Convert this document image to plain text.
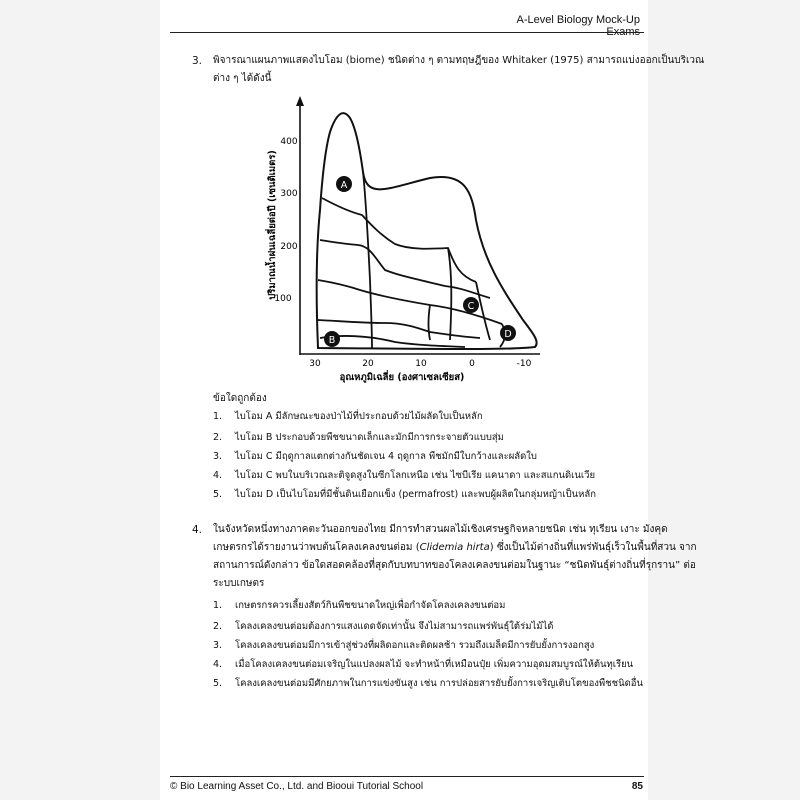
A-Level Biology Mock-Up Exams
3. พิจารณาแผนภาพแสดงไบโอม (biome) ชนิดต่าง ๆ ตามทฤษฎีของ Whitaker (1975) สามารถแบ่งออกเป็นบริเวณ
ต่าง ๆ ได้ดังนี้
100
200
300
400
30	20	10	0	-10
อุณหภูมิเฉลี่ย (องศาเซลเซียส)
ปริมาณน้ำฝนเฉลี่ยต่อปี (เซนติเมตร)	A
B
C
D
ข้อใดถูกต้อง
1. ไบโอม A มีลักษณะของป่าไม้ที่ประกอบด้วยไม้ผลัดใบเป็นหลัก
2. ไบโอม B ประกอบด้วยพืชขนาดเล็กและมักมีการกระจายตัวแบบสุ่ม
3. ไบโอม C มีฤดูกาลแตกต่างกันชัดเจน 4 ฤดูกาล พืชมักมีใบกว้างและผลัดใบ
4. ไบโอม C พบในบริเวณละติจูดสูงในซีกโลกเหนือ เช่น ไซบีเรีย แคนาดา และสแกนดิเนเวีย
5. ไบโอม D เป็นไบโอมที่มีชั้นดินเยือกแข็ง (permafrost) และพบผู้ผลิตในกลุ่มหญ้าเป็นหลัก
4. ในจังหวัดหนึ่งทางภาคตะวันออกของไทย มีการทำสวนผลไม้เชิงเศรษฐกิจหลายชนิด เช่น ทุเรียน เงาะ มังคุด
เกษตรกรได้รายงานว่าพบต้นโคลงเคลงขนต่อม (Clidemia hirta) ซึ่งเป็นไม้ต่างถิ่นที่แพร่พันธุ์เร็วในพื้นที่สวน จาก
สถานการณ์ดังกล่าว ข้อใดสอดคล้องที่สุดกับบทบาทของโคลงเคลงขนต่อมในฐานะ “ชนิดพันธุ์ต่างถิ่นที่รุกราน” ต่อ
ระบบเกษตร
1. เกษตรกรควรเลี้ยงสัตว์กินพืชขนาดใหญ่เพื่อกำจัดโคลงเคลงขนต่อม
2. โคลงเคลงขนต่อมต้องการแสงแดดจัดเท่านั้น จึงไม่สามารถแพร่พันธุ์ใต้ร่มไม้ได้
3. โคลงเคลงขนต่อมมีการเข้าสู่ช่วงที่ผลิดอกและติดผลช้า รวมถึงเมล็ดมีการยับยั้งการงอกสูง
4. เมื่อโคลงเคลงขนต่อมเจริญในแปลงผลไม้ จะทำหน้าที่เหมือนปุ๋ย เพิ่มความอุดมสมบูรณ์ให้ต้นทุเรียน
5. โคลงเคลงขนต่อมมีศักยภาพในการแข่งขันสูง เช่น การปล่อยสารยับยั้งการเจริญเติบโตของพืชชนิดอื่น
© Bio Learning Asset Co., Ltd. and Biooui Tutorial School	85
